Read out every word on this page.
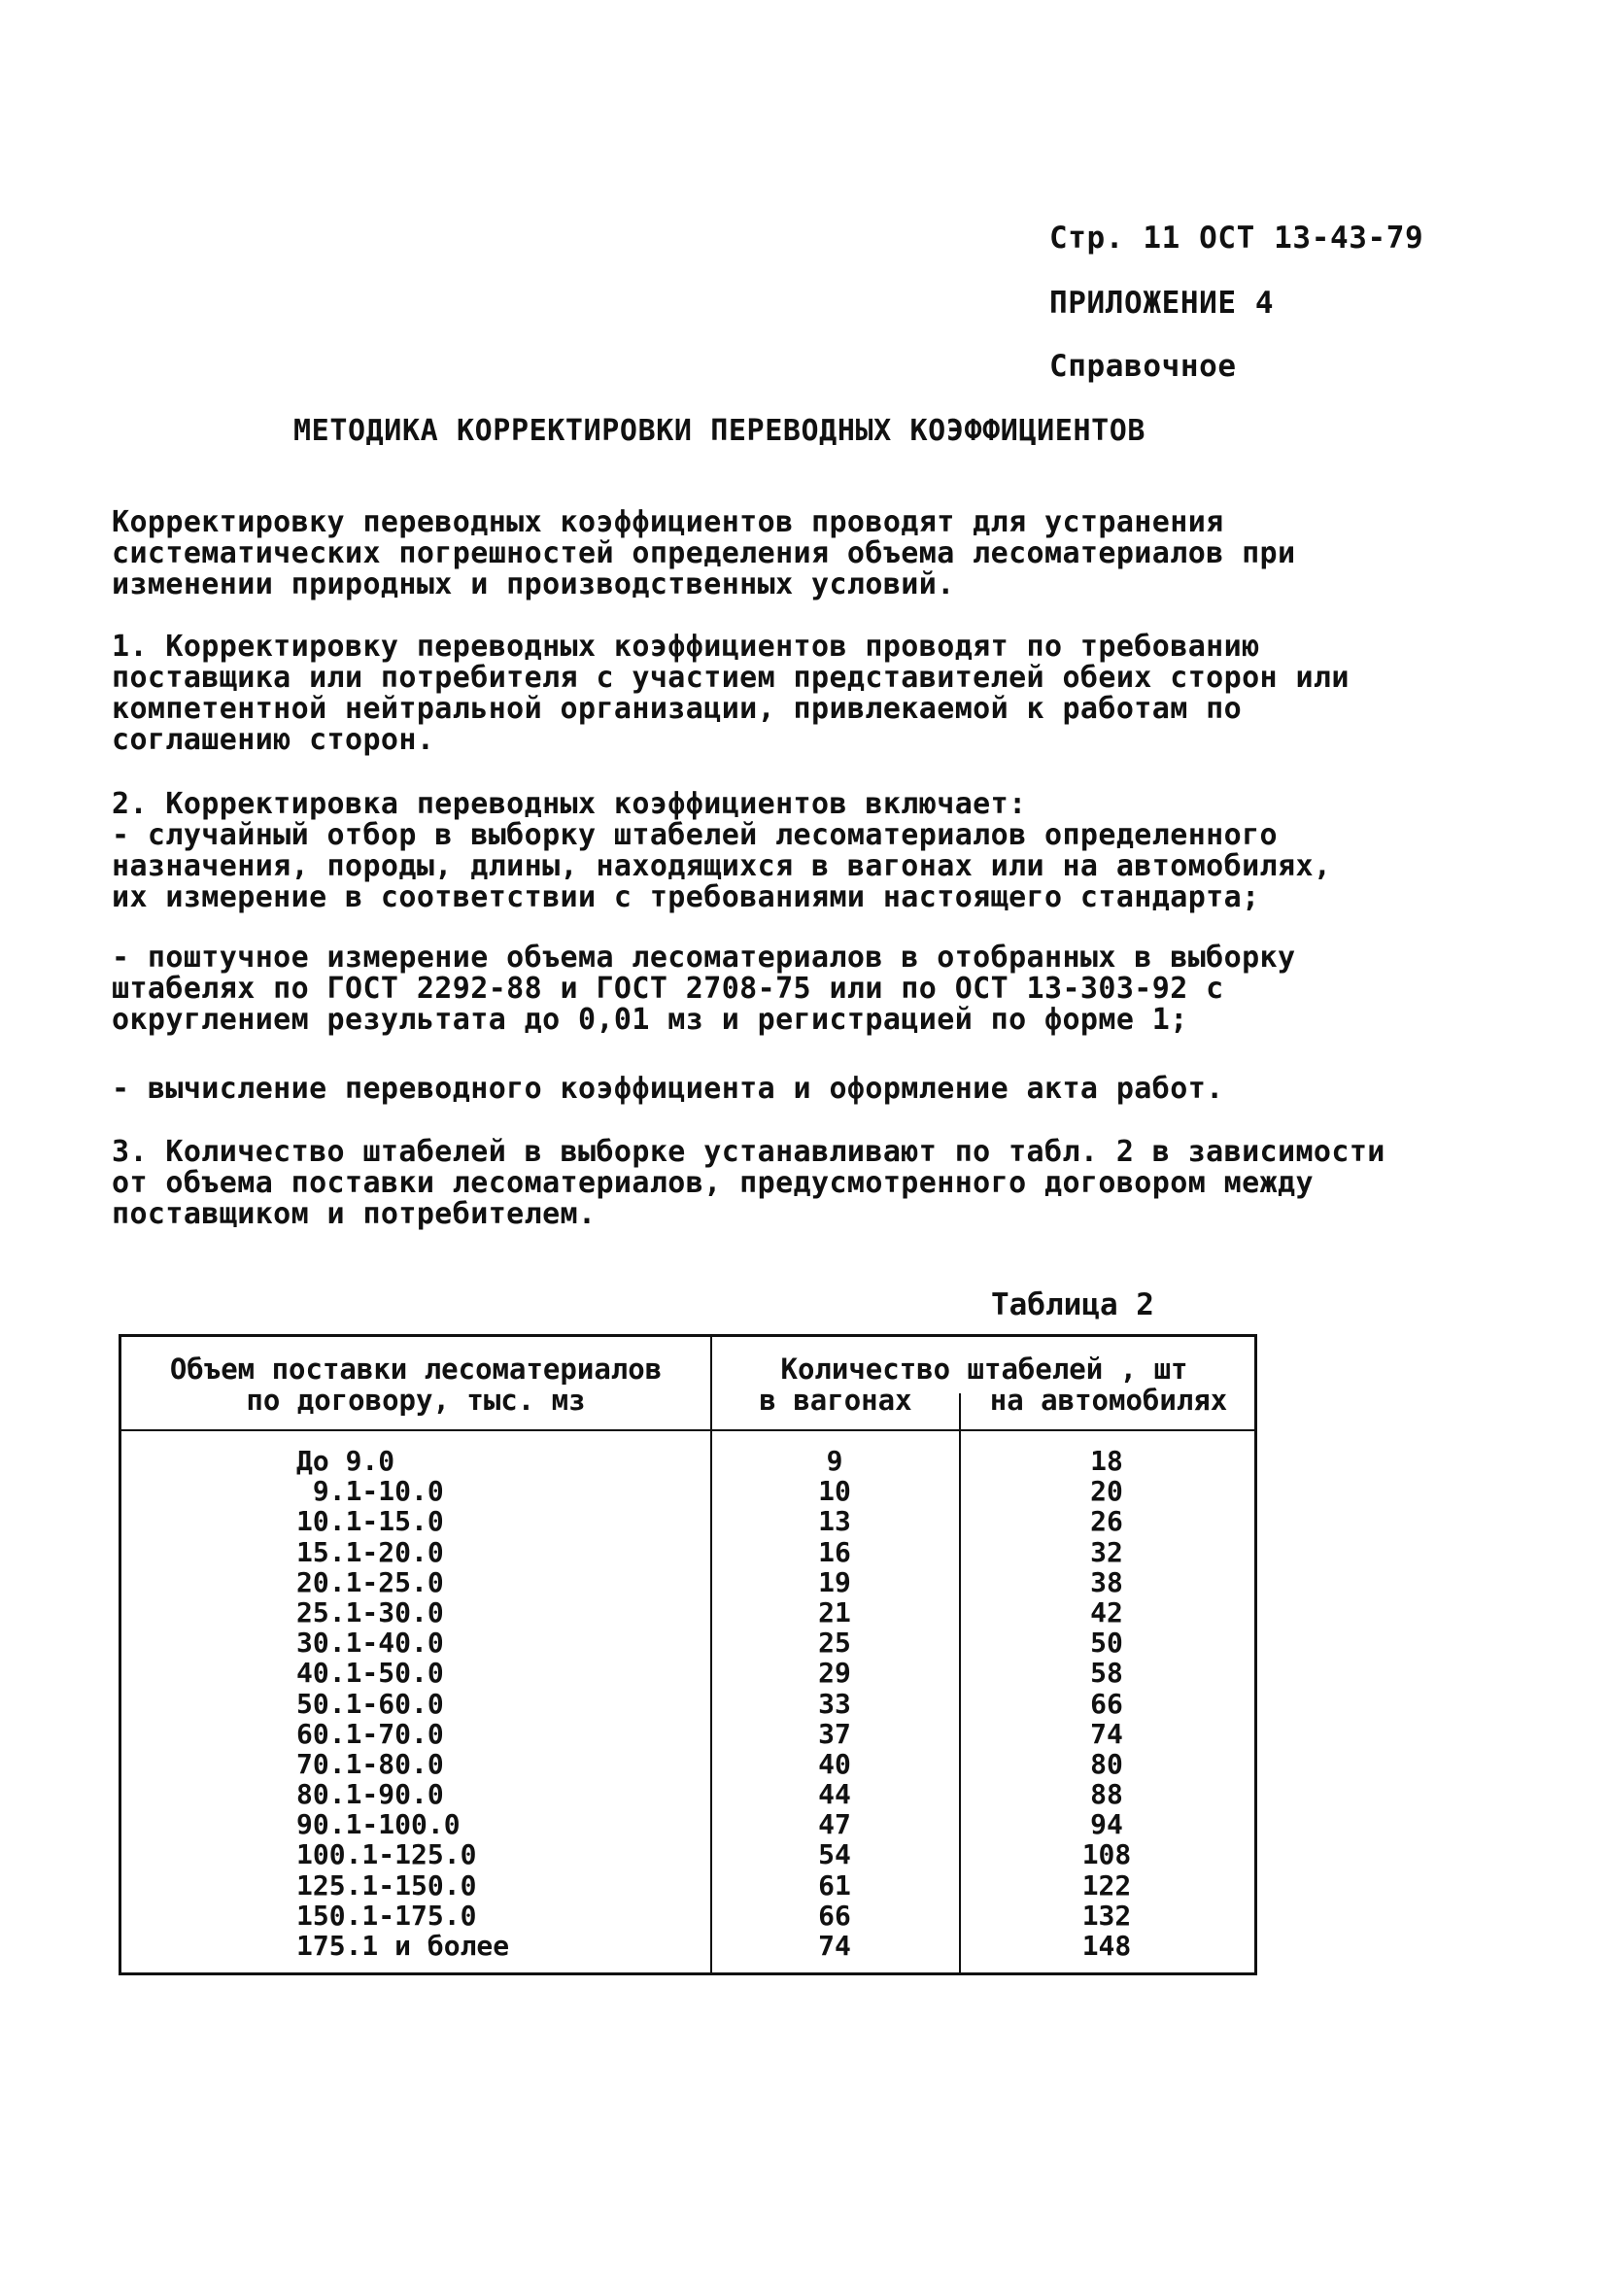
Стр. 11 ОСТ 13-43-79
ПРИЛОЖЕНИЕ 4
Справочное
МЕТОДИКА КОРРЕКТИРОВКИ ПЕРЕВОДНЫХ КОЭФФИЦИЕНТОВ
Корректировку переводных коэффициентов проводят для устранения
систематических погрешностей определения объема лесоматериалов при
изменении природных и производственных условий.
1. Корректировку переводных коэффициентов проводят по требованию
поставщика или потребителя с участием представителей обеих сторон или
компетентной нейтральной организации, привлекаемой к работам по
соглашению сторон.
2. Корректировка переводных коэффициентов включает:
- случайный отбор в выборку штабелей лесоматериалов определенного
назначения, породы, длины, находящихся в вагонах или на автомобилях,
их измерение в соответствии с требованиями настоящего стандарта;
- поштучное измерение объема лесоматериалов в отобранных в выборку
штабелях по ГОСТ 2292-88 и ГОСТ 2708-75 или по ОСТ 13-303-92 с
округлением результата до 0,01 мз и регистрацией по форме 1;
- вычисление переводного коэффициента и оформление акта работ.
3. Количество штабелей в выборке устанавливают по табл. 2 в зависимости
от объема поставки лесоматериалов, предусмотренного договором между
поставщиком и потребителем.
Таблица 2
Объем поставки лесоматериалов
по договору, тыс. мз
Количество штабелей , шт
в вагонах	на автомобилях
До 9.0	9	18
9.1-10.0	10	20
10.1-15.0	13	26
15.1-20.0	16	32
20.1-25.0	19	38
25.1-30.0	21	42
30.1-40.0	25	50
40.1-50.0	29	58
50.1-60.0	33	66
60.1-70.0	37	74
70.1-80.0	40	80
80.1-90.0	44	88
90.1-100.0	47	94
100.1-125.0	54	108
125.1-150.0	61	122
150.1-175.0	66	132
175.1 и более	74	148
